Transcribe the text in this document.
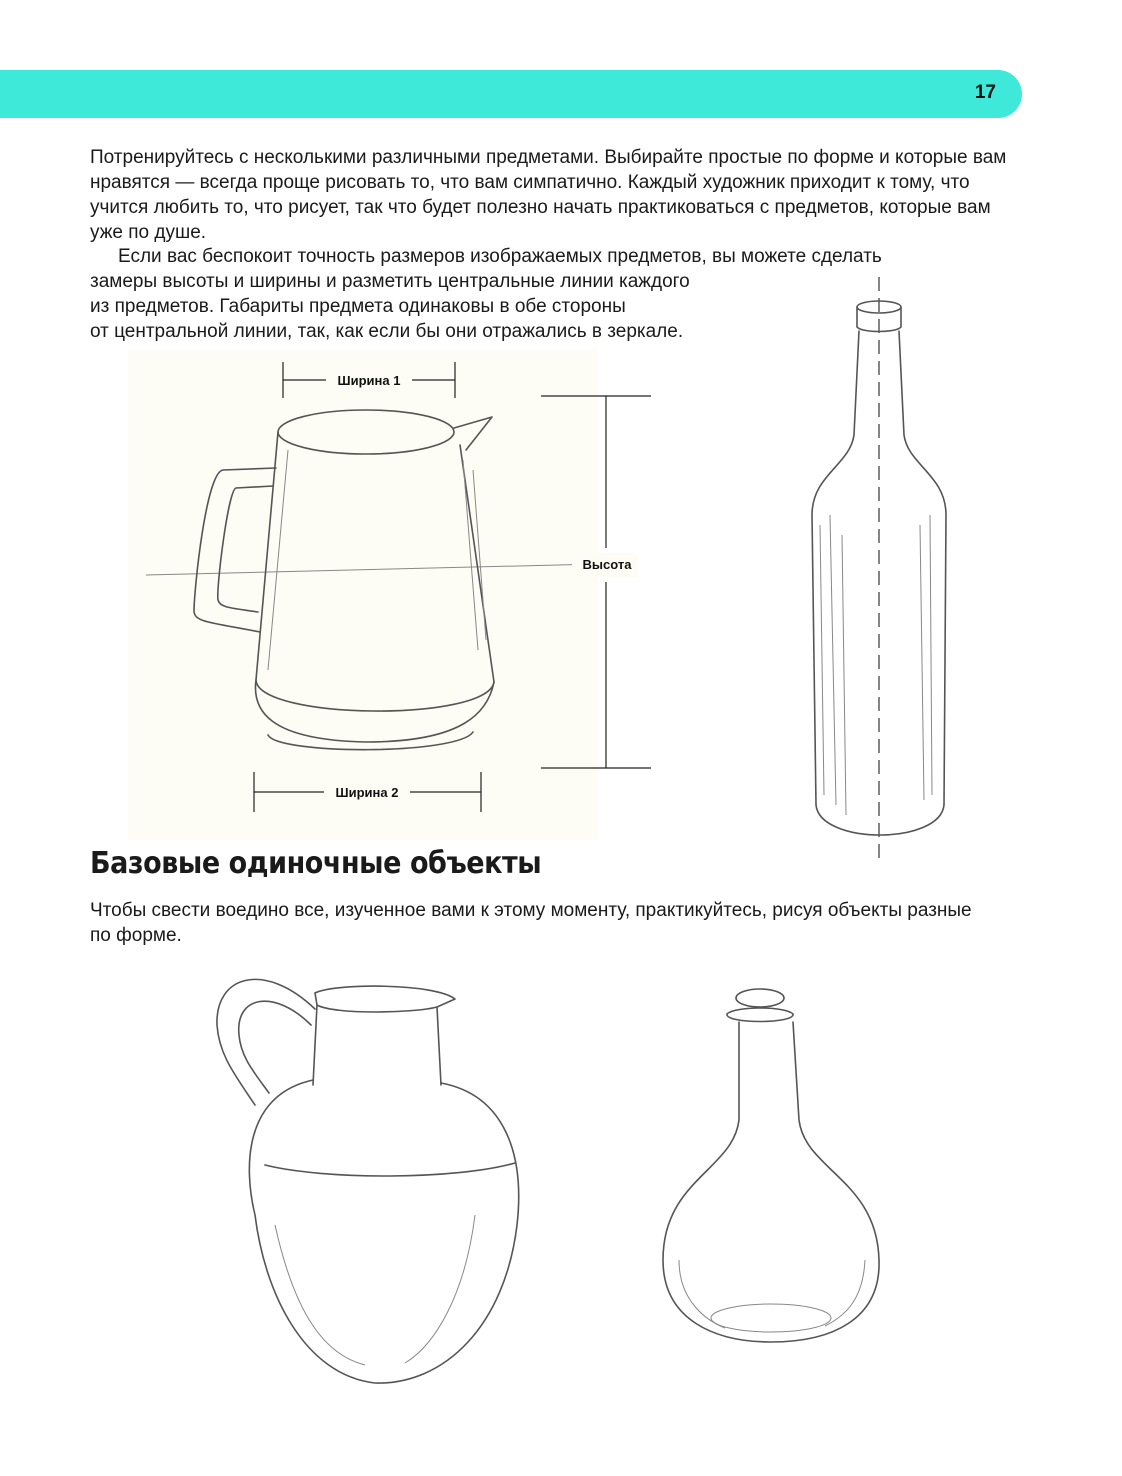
17

Потренируйтесь с несколькими различными предметами. Выбирайте простые по форме и которые вам нравятся — всегда проще рисовать то, что вам симпатично. Каждый художник приходит к тому, что учится любить то, что рисует, так что будет полезно начать практиковаться с предметов, которые вам уже по душе.

Если вас беспокоит точность размеров изображаемых предметов, вы можете сделать
замеры высоты и ширины и разметить центральные линии каждого
из предметов. Габариты предмета одинаковы в обе стороны
от центральной линии, так, как если бы они отражались в зеркале.

Ширина 1
Высота
Ширина 2
Базовые одиночные объекты

Чтобы свести воедино все, изученное вами к этому моменту, практикуйтесь, рисуя объекты разные по форме.
